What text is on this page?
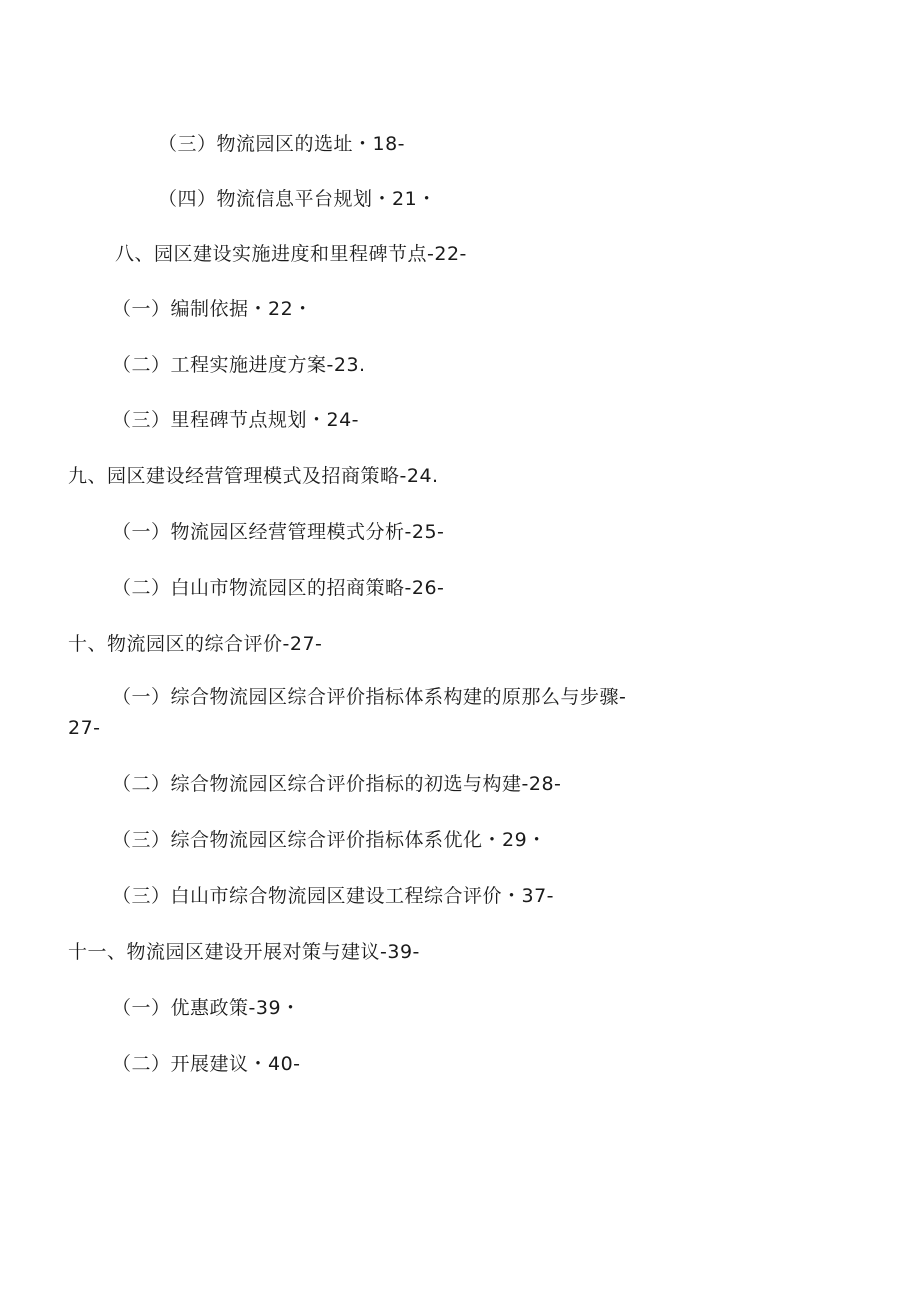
（三）物流园区的选址・18-
（四）物流信息平台规划・21・
八、园区建设实施进度和里程碑节点-22-
（一）编制依据・22・
（二）工程实施进度方案-23.
（三）里程碑节点规划・24-
九、园区建设经营管理模式及招商策略-24.
（一）物流园区经营管理模式分析-25-
（二）白山市物流园区的招商策略-26-
十、物流园区的综合评价-27-
（一）综合物流园区综合评价指标体系构建的原那么与步骤-
27-
（二）综合物流园区综合评价指标的初选与构建-28-
（三）综合物流园区综合评价指标体系优化・29・
（三）白山市综合物流园区建设工程综合评价・37-
十一、物流园区建设开展对策与建议-39-
（一）优惠政策-39・
（二）开展建议・40-
